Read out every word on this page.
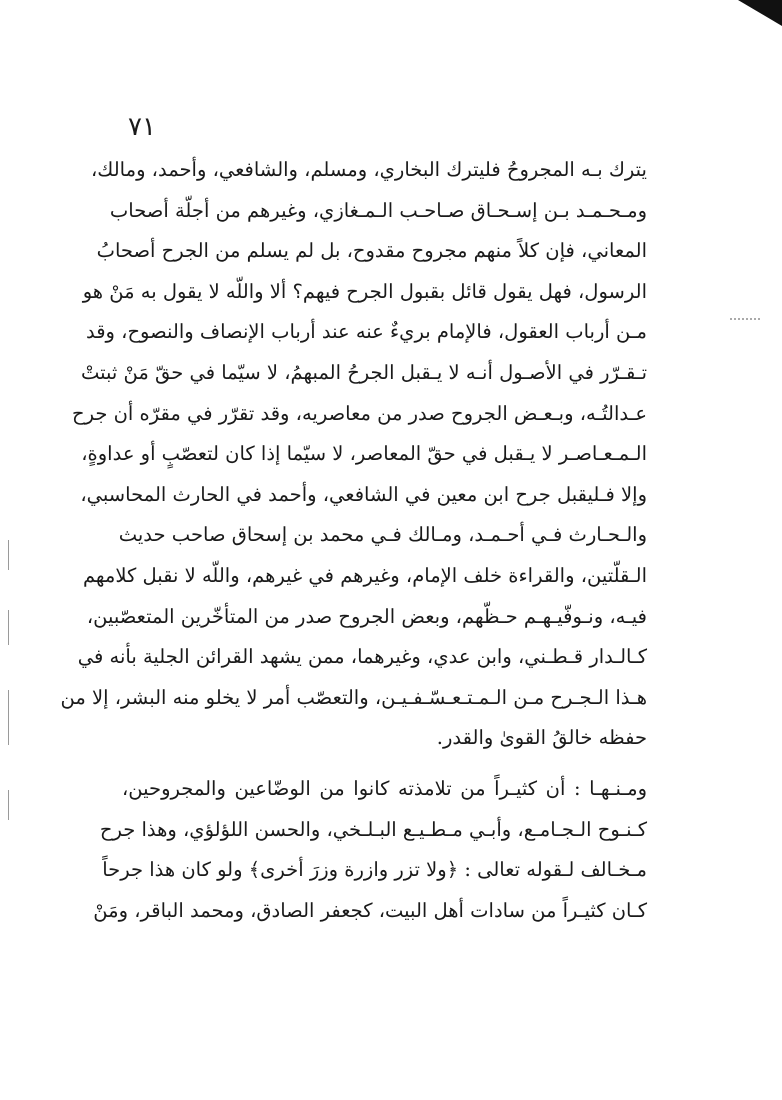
٧١
يترك بـه المجروحُ فليترك البخاري، ومسلم، والشافعي، وأحمد، ومالك،
ومـحـمـد بـن إسـحـاق صـاحـب الـمـغازي، وغيرهم من أجلّة أصحاب
المعاني، فإن كلاً منهم مجروح مقدوح، بل لم يسلم من الجرح أصحابُ
الرسول، فهل يقول قائل بقبول الجرح فيهم؟ ألا واللّه لا يقول به مَنْ هو
مـن أرباب العقول، فالإمام بريءٌ عنه عند أرباب الإنصاف والنصوح، وقد
تـقـرّر في الأصـول أنـه لا يـقبل الجرحُ المبهمُ، لا سيّما في حقّ مَنْ ثبتتْ
عـدالتُـه، وبـعـض الجروح صدر من معاصريه، وقد تقرّر في مقرّه أن جرح
الـمـعـاصـر لا يـقبل في حقّ المعاصر، لا سيّما إذا كان لتعصّبٍ أو عداوةٍ،
وإلا فـليقبل جرح ابن معين في الشافعي، وأحمد في الحارث المحاسبي،
والـحـارث فـي أحـمـد، ومـالك فـي محمد بن إسحاق صاحب حديث
الـقلّتين، والقراءة خلف الإمام، وغيرهم في غيرهم، واللّه لا نقبل كلامهم
فيـه، ونـوفّيـهـم حـظّهم، وبعض الجروح صدر من المتأخّرين المتعصّبين،
كـالـدار قـطـني، وابن عدي، وغيرهما، ممن يشهد القرائن الجلية بأنه في
هـذا الـجـرح مـن الـمـتـعـسّـفـيـن، والتعصّب أمر لا يخلو منه البشر، إلا من
حفظه خالقُ القوىٰ والقدر.
ومـنـهـا : أن كثيـراً من تلامذته كانوا من الوضّاعين والمجروحين،
كـنـوح الـجـامـع، وأبـي مـطـيـع البـلـخي، والحسن اللؤلؤي، وهذا جرح
مـخـالف لـقوله تعالى : ﴿ولا تزر وازرة وزرَ أخرى﴾ ولو كان هذا جرحاً
كـان كثيـراً من سادات أهل البيت، كجعفر الصادق، ومحمد الباقر، ومَنْ
